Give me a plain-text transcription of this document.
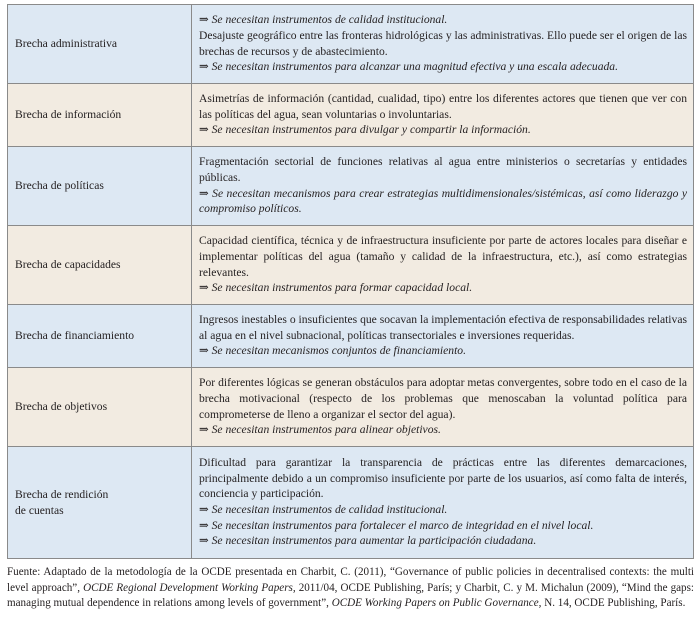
Brecha administrativa	⇒ Se necesitan instrumentos de calidad institucional.
Desajuste geográfico entre las fronteras hidrológicas y las administrativas. Ello puede ser el origen de las brechas de recursos y de abastecimiento.
⇒ Se necesitan instrumentos para alcanzar una magnitud efectiva y una escala adecuada.

Brecha de información	Asimetrías de información (cantidad, cualidad, tipo) entre los diferentes actores que tienen que ver con las políticas del agua, sean voluntarias o involuntarias.
⇒ Se necesitan instrumentos para divulgar y compartir la información.

Brecha de políticas	Fragmentación sectorial de funciones relativas al agua entre ministerios o secretarías y entidades públicas.
⇒ Se necesitan mecanismos para crear estrategias multidimensionales/sistémicas, así como liderazgo y compromiso políticos.

Brecha de capacidades	Capacidad científica, técnica y de infraestructura insuficiente por parte de actores locales para diseñar e implementar políticas del agua (tamaño y calidad de la infraestructura, etc.), así como estrategias relevantes.
⇒ Se necesitan instrumentos para formar capacidad local.

Brecha de financiamiento	Ingresos inestables o insuficientes que socavan la implementación efectiva de responsabilidades relativas al agua en el nivel subnacional, políticas transectoriales e inversiones requeridas.
⇒ Se necesitan mecanismos conjuntos de financiamiento.

Brecha de objetivos	Por diferentes lógicas se generan obstáculos para adoptar metas convergentes, sobre todo en el caso de la brecha motivacional (respecto de los problemas que menoscaban la voluntad política para comprometerse de lleno a organizar el sector del agua).
⇒ Se necesitan instrumentos para alinear objetivos.

Brecha de rendición
de cuentas	Dificultad para garantizar la transparencia de prácticas entre las diferentes demarcaciones, principalmente debido a un compromiso insuficiente por parte de los usuarios, así como falta de interés, conciencia y participación.
⇒ Se necesitan instrumentos de calidad institucional.
⇒ Se necesitan instrumentos para fortalecer el marco de integridad en el nivel local.
⇒ Se necesitan instrumentos para aumentar la participación ciudadana.
Fuente: Adaptado de la metodología de la OCDE presentada en Charbit, C. (2011), “Governance of public policies in decentralised contexts: the multi level approach”, OCDE Regional Development Working Papers, 2011/04, OCDE Publishing, París; y Charbit, C. y M. Michalun (2009), “Mind the gaps: managing mutual dependence in relations among levels of government”, OCDE Working Papers on Public Governance, N. 14, OCDE Publishing, París.
